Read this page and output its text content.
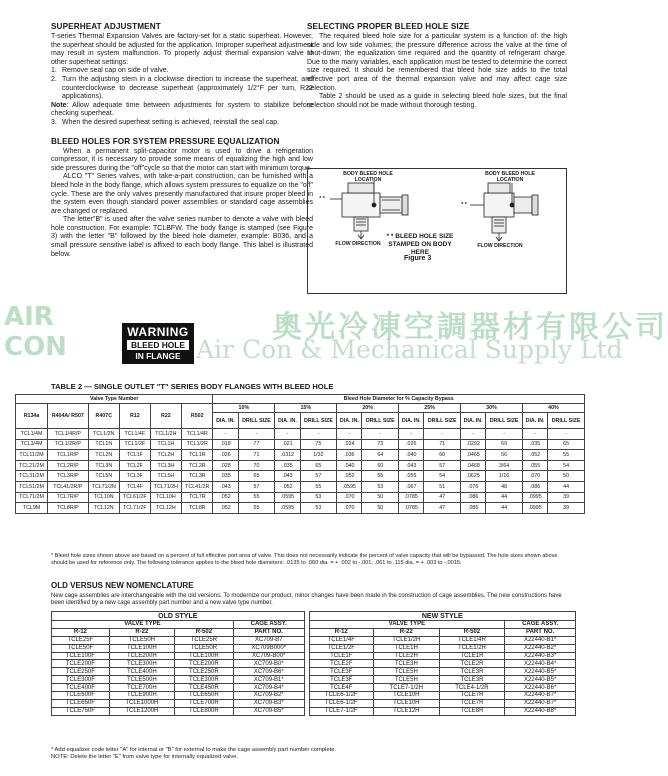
SUPERHEAT ADJUSTMENT
T-series Thermal Expansion Valves are factory-set for a static superheat. However, the superheat should be adjusted for the application. Improper superheat adjustment may result in system malfunction. To properly adjust thermal expansion valve to other superheat settings:
1. Remove seal cap on side of valve.
2. Turn the adjusting stem in a clockwise direction to increase the superheat, and counterclockwise to decrease superheat (approximately 1/2°F per turn, R22 applications).
Note: Allow adequate time between adjustments for system to stabilize before checking superheat.
3. When the desired superheat setting is achieved, reinstall the seal cap.
BLEED HOLES FOR SYSTEM PRESSURE EQUALIZATION
When a permanent split-capacitor motor is used to drive a refrigeration compressor, it is necessary to provide some means of equalizing the high and low side pressures during the "off"cycle so that the motor can start with minimum torque.
ALCO "T" Series valves, with take-a-part construction, can be furnished with a bleed hole in the body flange, which allows system pressures to equalize on the "off" cycle. These are the only valves presently manufactured that insure proper bleed in the system even though standard power assemblies or standard cage assemblies are changed or replaced.
The letter"B" is used after the valve series number to denote a valve with bleed hole construction. For example: TCLBFW. The body flange is stamped (see Figure 3) with the letter "B" followed by the bleed hole diameter, example: B036, and a small pressure sensitive label is affixed to each body flange. This label is illustrated below.
SELECTING PROPER BLEED HOLE SIZE
The required bleed hole size for a particular system is a function of: the high side and low side volumes; the pressure difference across the valve at the time of shut-down; the equalization time required and the quantity of refrigerant charge. Due to the many variables, each application must be tested to determine the correct size required. It should be remembered that bleed hole size adds to the total effective port area of the thermal expansion valve and may affect cage size selection.
Table 2 should be used as a guide in selecting bleed hole sizes, but the final selection should not be made without thorough testing.
BODY BLEED HOLE LOCATION
BODY BLEED HOLE LOCATION
* *
* *
FLOW DIRECTION	FLOW DIRECTION
* * BLEED HOLE SIZE STAMPED ON BODY HERE
Figure 3
AIR
CON
奧光冷凍空調器材有限公司
Air Con & Mechanical Supply Ltd
WARNING
BLEED HOLE
IN FLANGE
TABLE 2 — SINGLE OUTLET "T" SERIES BODY FLANGES WITH BLEED HOLE
Valve Type Number						Bleed Hole Diameter for % Capacity Bypass											
R134a	R404A/ R507	R407C	R12	R22	R502	10%		15%		20%		25%		30%		40%	
						DIA. IN.	DRILL SIZE	DIA. IN.	DRILL SIZE	DIA. IN.	DRILL SIZE	DIA. IN.	DRILL SIZE	DIA. IN.	DRILL SIZE	DIA. IN.	DRILL SIZE
TCL1/4M	TCL1/4R/P	TCL1/2N	TCL1/4F	TCL1/2H	TCL1/4R	-	-	-	-	-	-	-	-	-	-	-	-
TCL3/4M	TCL1/2R/P	TCL1N	TCL1/2F	TCL1H	TCL1/2R	.018	77	.021	75	.024	73	.026	71	.0292	69	.035	65
TCL11/2M	TCL1R/P	TCL2N	TCL1F	TCL2H	TCL1R	.026	71	.0312	1/32	.036	64	.040	60	.0465	56	.052	55
TCL21/2M	TCL2R/P	TCL3N	TCL2F	TCL3H	TCL2R	.028	70	.035	65	.040	60	.043	57	.0468	3/64	.055	54
TCL31/2M	TCL3R/P	TCL5N	TCL3F	TCL5H	TCL3R	.035	65	.043	57	.052	55	.055	54	.0625	1/16	.070	50
TCL51/2M	TCL41/2R/P	TCL71/2N	TCL4F	TCL71/2H	TCL41/2R	.043	57	.052	55	.0595	53	.067	51	.076	48	.086	44
TCL71/2M	TCL7R/P	TCL10N	TCL61/2F	TCL10H	TCL7R	.052	55	.0595	53	.070	50	.0785	47	.086	44	.0995	39
TCL9M	TCL8R/P	TCL12N	TCL71/2F	TCL12H	TCL8R	.052	55	.0595	53	.070	50	.0785	47	.086	44	.0995	39
* Bleed hole sizes shown above are based on a percent of full effective port area of valve. This does not necessarily indicate the percent of valve capacity that will be bypassed. The hole sizes shown above should be used for reference only. The following tolerance applies to the bleed hole diameters: .0135 to .060 dia. = + .002 to -.001; .061 to .115 dia. = + .003 to -.0015.
OLD VERSUS NEW NOMENCLATURE
New cage assemblies are interchangeable with the old versions. To modernize our product, minor changes have been made in the construction of cage assemblies. The new constructions have been identified by a new cage assembly part number and a new valve type number.
OLD STYLE					NEW STYLE			
VALVE TYPE			CAGE ASSY.		VALVE TYPE			CAGE ASSY.
R-12	R-22	R-502	PART NO.		R-12	R-22	R-502	PART NO.
TCLE25F	TCLE50H	TCLE25R	XC709-B7		TCLE1/4F	TCLE1/2H	TCLE1/4R	X22440-B1*
TCLE50F	TCLE100H	TCLE50R	XC709B000*		TCLE1/2F	TCLE1H	TCLE1/2R	X22440-B2*
TCLE100F	TCLE200H	TCLE100R	XC709-B00*		TCLE1F	TCLE2H	TCLE1R	X22440-B3*
TCLE200F	TCLE300H	TCLE200R	XC709-B0*		TCLE2F	TCLE3H	TCLE2R	X22440-B4*
TCLE250F	TCLE400H	TCLE250R	XC709-B6*		TCLE3F	TCLE5H	TCLE3R	X22440-B5*
TCLE300F	TCLE500H	TCLE300R	XC709-B1*		TCLE3F	TCLE5H	TCLE3R	X22440-B5*
TCLE400F	TCLE700H	TCLE450R	XC709-B4*		TCLE4F	TCLE7-1/2H	TCLE4-1/2R	X22440-B6*
TCLE600F	TCLE900H	TCLE650R	XC709-B2*		TCLE6-1/2F	TCLE10H	TCLE7R	X22440-B7*
TCLE650F	TCLE1000H	TCLE700R	XC709-B3*		TCLE6-1/2F	TCLE10H	TCLE7R	X22440-B7*
TCLE750F	TCLE1200H	TCLE800R	XC709-B5*		TCLE7-1/2F	TCLE12H	TCLE8R	X22440-B8*
* Add equalizer code letter "A" for internal or "B" for external to make the cage assembly part number complete.
NOTE: Delete the letter "E" from valve type for internally equalized valve.
